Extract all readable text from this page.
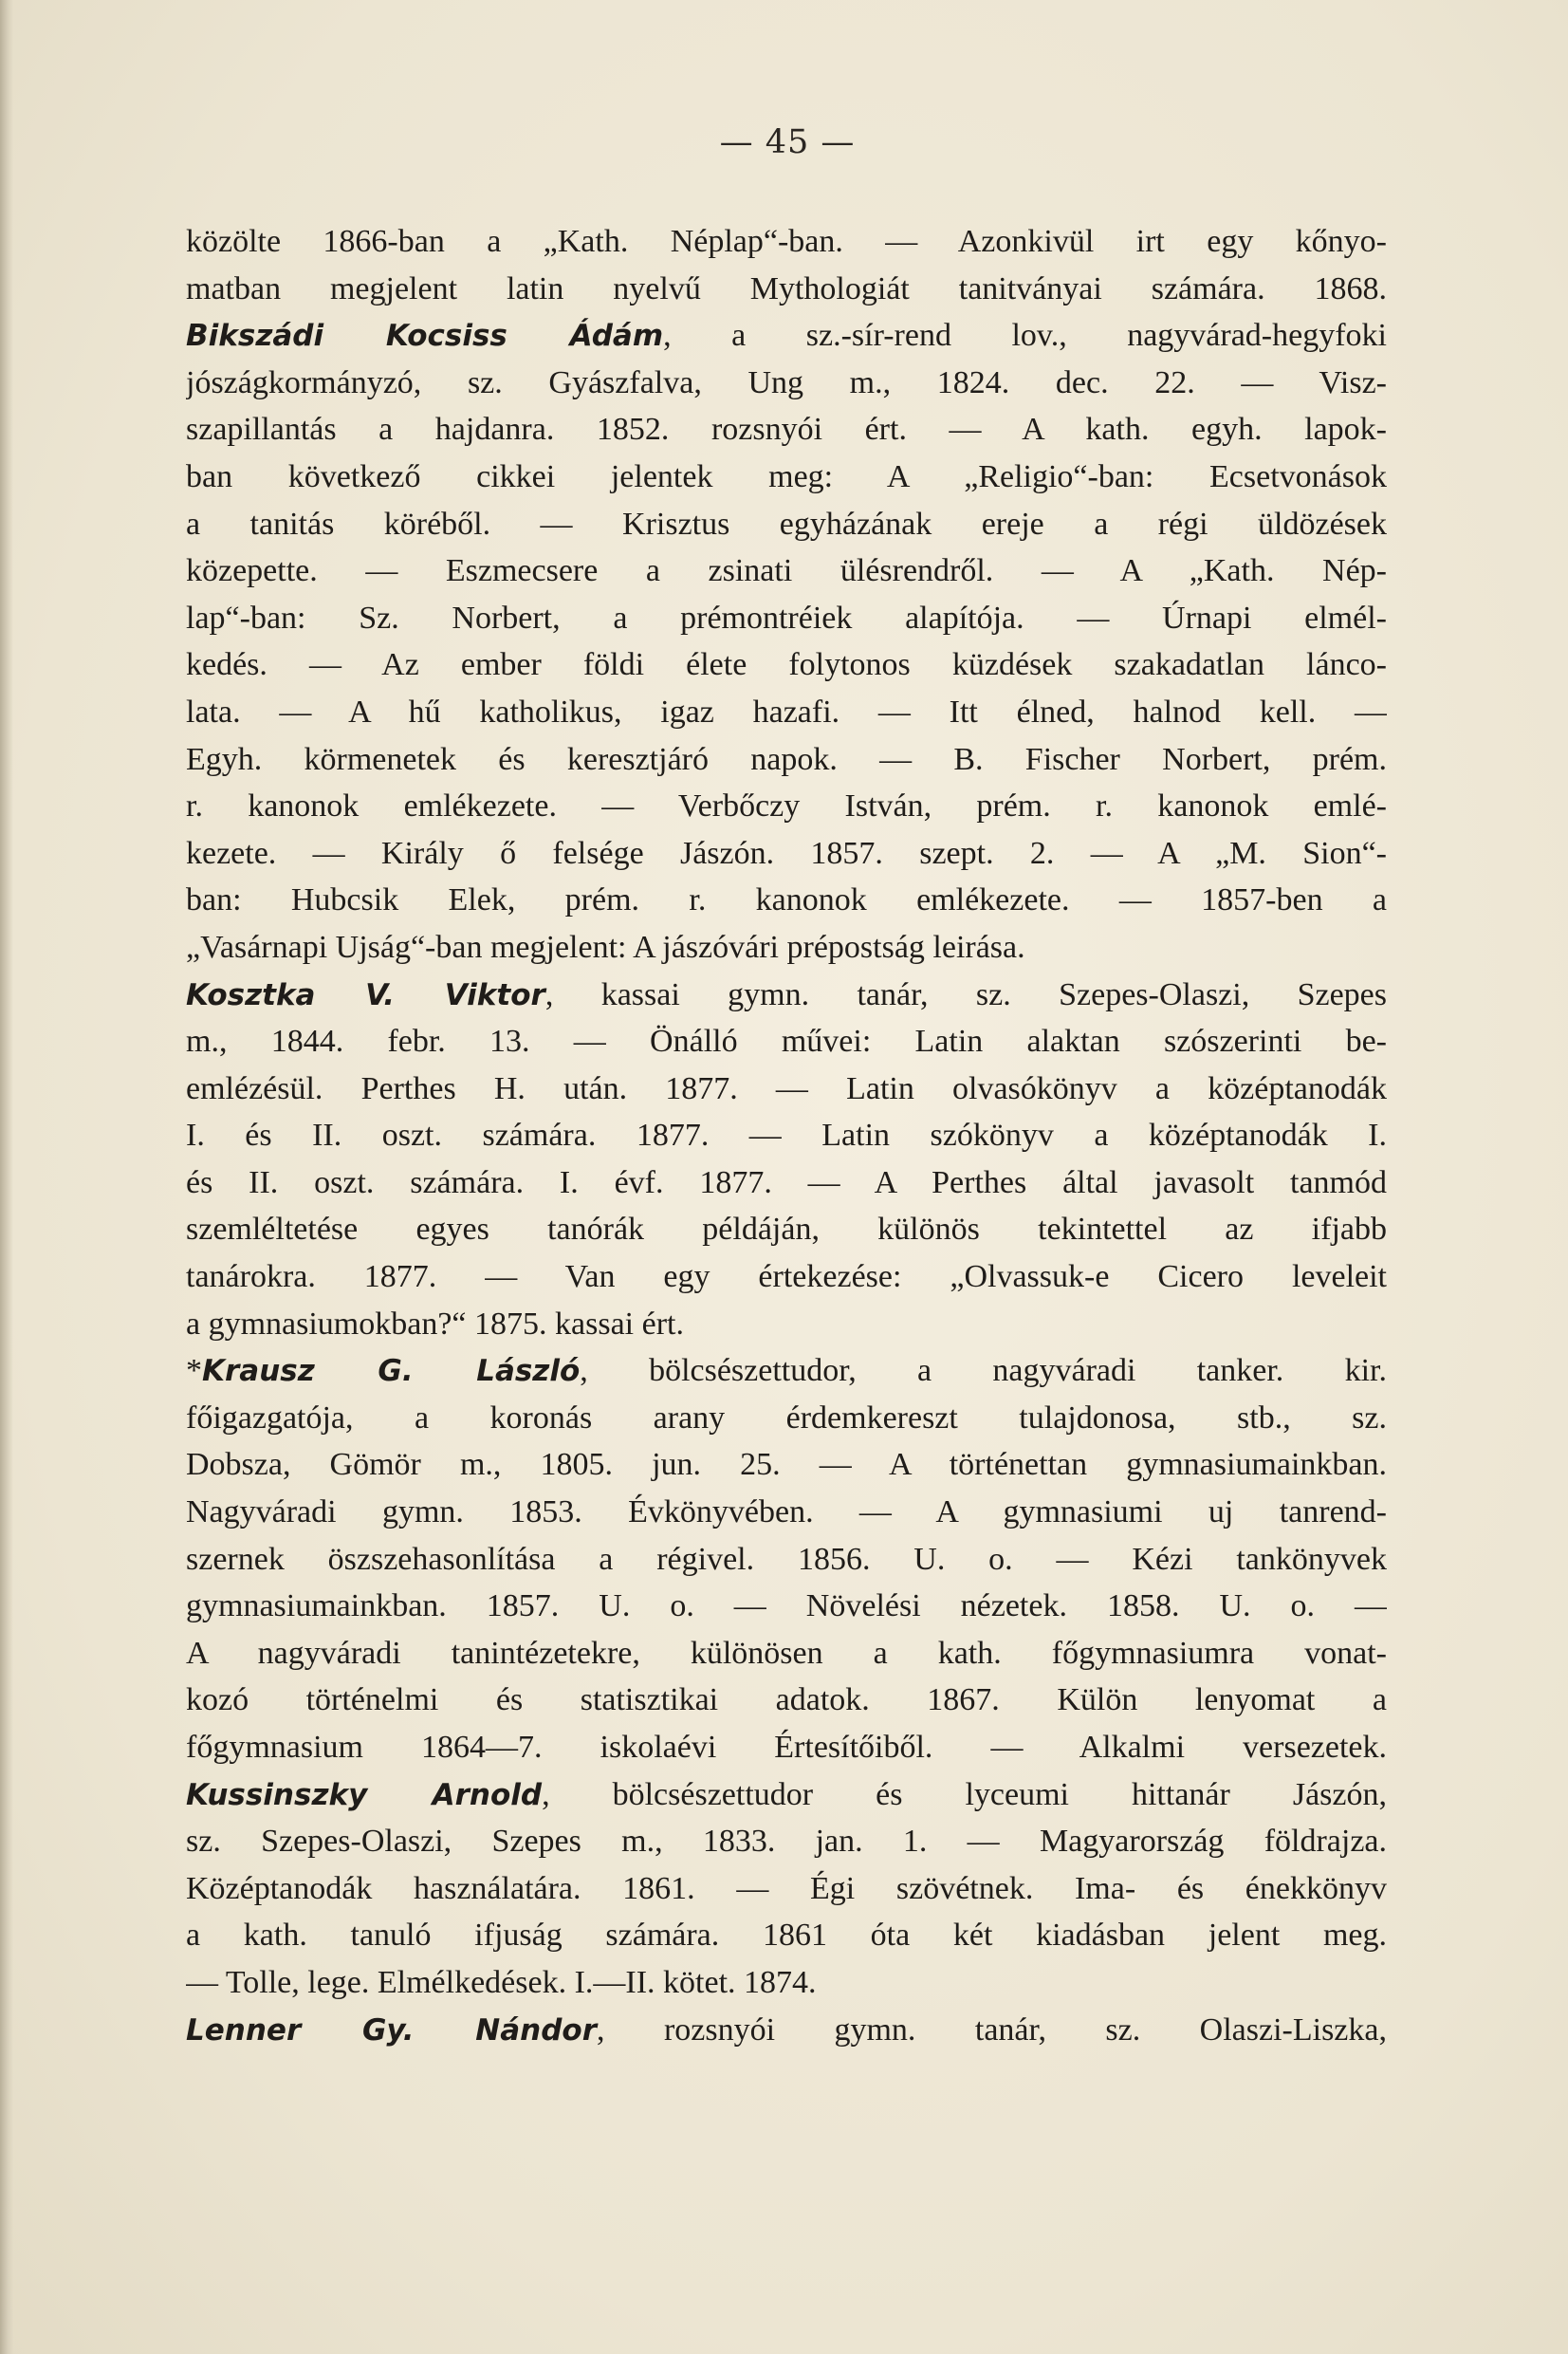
— 45 —
közölte 1866-ban a „Kath. Néplap“-ban. — Azonkivül irt egy kőnyo-
matban megjelent latin nyelvű Mythologiát tanitványai számára. 1868.
Bikszádi Kocsiss Ádám, a sz.-sír-rend lov., nagyvárad-hegyfoki
jószágkormányzó, sz. Gyászfalva, Ung m., 1824. dec. 22. — Visz-
szapillantás a hajdanra. 1852. rozsnyói ért. — A kath. egyh. lapok-
ban következő cikkei jelentek meg: A „Religio“-ban: Ecsetvonások
a tanitás köréből. — Krisztus egyházának ereje a régi üldözések
közepette. — Eszmecsere a zsinati ülésrendről. — A „Kath. Nép-
lap“-ban: Sz. Norbert, a prémontréiek alapítója. — Úrnapi elmél-
kedés. — Az ember földi élete folytonos küzdések szakadatlan lánco-
lata. — A hű katholikus, igaz hazafi. — Itt élned, halnod kell. —
Egyh. körmenetek és keresztjáró napok. — B. Fischer Norbert, prém.
r. kanonok emlékezete. — Verbőczy István, prém. r. kanonok emlé-
kezete. — Király ő felsége Jászón. 1857. szept. 2. — A „M. Sion“-
ban: Hubcsik Elek, prém. r. kanonok emlékezete. — 1857-ben a
„Vasárnapi Ujság“-ban megjelent: A jászóvári prépostság leirása.
Kosztka V. Viktor, kassai gymn. tanár, sz. Szepes-Olaszi, Szepes
m., 1844. febr. 13. — Önálló művei: Latin alaktan szószerinti be-
emlézésül. Perthes H. után. 1877. — Latin olvasókönyv a középtanodák
I. és II. oszt. számára. 1877. — Latin szókönyv a középtanodák I.
és II. oszt. számára. I. évf. 1877. — A Perthes által javasolt tanmód
szemléltetése egyes tanórák példáján, különös tekintettel az ifjabb
tanárokra. 1877. — Van egy értekezése: „Olvassuk-e Cicero leveleit
a gymnasiumokban?“ 1875. kassai ért.
*Krausz G. László, bölcsészettudor, a nagyváradi tanker. kir.
főigazgatója, a koronás arany érdemkereszt tulajdonosa, stb., sz.
Dobsza, Gömör m., 1805. jun. 25. — A történettan gymnasiumainkban.
Nagyváradi gymn. 1853. Évkönyvében. — A gymnasiumi uj tanrend-
szernek öszszehasonlítása a régivel. 1856. U. o. — Kézi tankönyvek
gymnasiumainkban. 1857. U. o. — Növelési nézetek. 1858. U. o. —
A nagyváradi tanintézetekre, különösen a kath. főgymnasiumra vonat-
kozó történelmi és statisztikai adatok. 1867. Külön lenyomat a
főgymnasium 1864—7. iskolaévi Értesítőiből. — Alkalmi versezetek.
Kussinszky Arnold, bölcsészettudor és lyceumi hittanár Jászón,
sz. Szepes-Olaszi, Szepes m., 1833. jan. 1. — Magyarország földrajza.
Középtanodák használatára. 1861. — Égi szövétnek. Ima- és énekkönyv
a kath. tanuló ifjuság számára. 1861 óta két kiadásban jelent meg.
— Tolle, lege. Elmélkedések. I.—II. kötet. 1874.
Lenner Gy. Nándor, rozsnyói gymn. tanár, sz. Olaszi-Liszka,
